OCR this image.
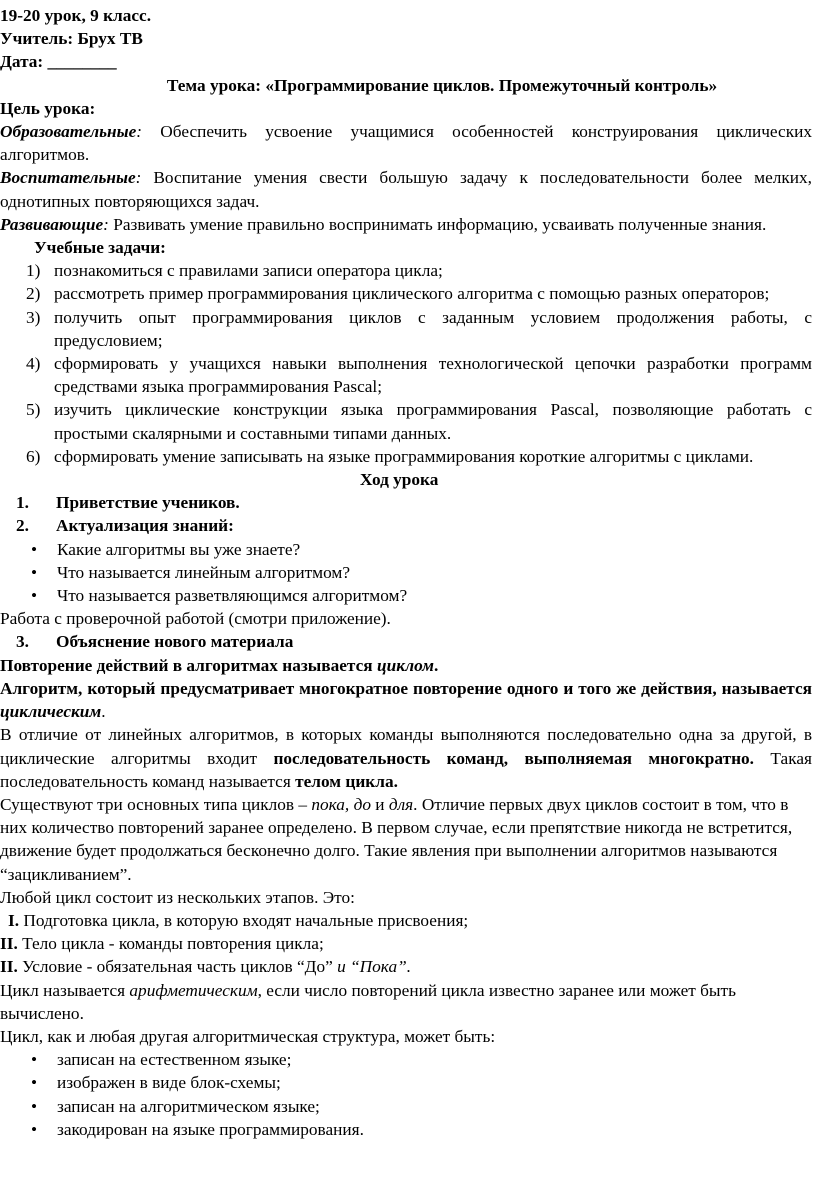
19-20 урок, 9 класс.

Учитель: Брух ТВ

Дата: ________

Тема урока: «Программирование циклов. Промежуточный контроль»

Цель урока:

Образовательные: Обеспечить усвоение учащимися особенностей конструирования циклических алгоритмов.

Воспитательные: Воспитание умения свести большую задачу к последовательности более мелких, однотипных повторяющихся задач.

Развивающие: Развивать умение правильно воспринимать информацию, усваивать полученные знания.

Учебные задачи:

1) познакомиться с правилами записи оператора цикла;
2) рассмотреть пример программирования циклического алгоритма с помощью разных операторов;
3) получить опыт программирования циклов с заданным условием продолжения работы, с предусловием;
4) сформировать у учащихся навыки выполнения технологической цепочки разработки программ средствами языка программирования Pascal;
5) изучить циклические конструкции языка программирования Pascal, позволяющие работать с простыми скалярными и составными типами данных.
6) сформировать умение записывать на языке программирования короткие алгоритмы с циклами.

Ход урока

1. Приветствие учеников.
2. Актуализация знаний:
• Какие алгоритмы вы уже знаете?
• Что называется линейным алгоритмом?
• Что называется разветвляющимся алгоритмом?

Работа с проверочной работой (смотри приложение).

3. Объяснение нового материала

Повторение действий в алгоритмах называется циклом.

Алгоритм, который предусматривает многократное повторение одного и того же действия, называется циклическим.

В отличие от линейных алгоритмов, в которых команды выполняются последовательно одна за другой, в циклические алгоритмы входит последовательность команд, выполняемая многократно. Такая последовательность команд называется телом цикла.

Существуют три основных типа циклов – пока, до и для. Отличие первых двух циклов состоит в том, что в них количество повторений заранее определено. В первом случае, если препятствие никогда не встретится, движение будет продолжаться бесконечно долго. Такие явления при выполнении алгоритмов называются “зацикливанием”.

Любой цикл состоит из нескольких этапов. Это:

I. Подготовка цикла, в которую входят начальные присвоения;

II. Тело цикла - команды повторения цикла;

II. Условие - обязательная часть циклов “До” и “Пока”.

Цикл называется арифметическим, если число повторений цикла известно заранее или может быть вычислено.

Цикл, как и любая другая алгоритмическая структура, может быть:

• записан на естественном языке;
• изображен в виде блок-схемы;
• записан на алгоритмическом языке;
• закодирован на языке программирования.
